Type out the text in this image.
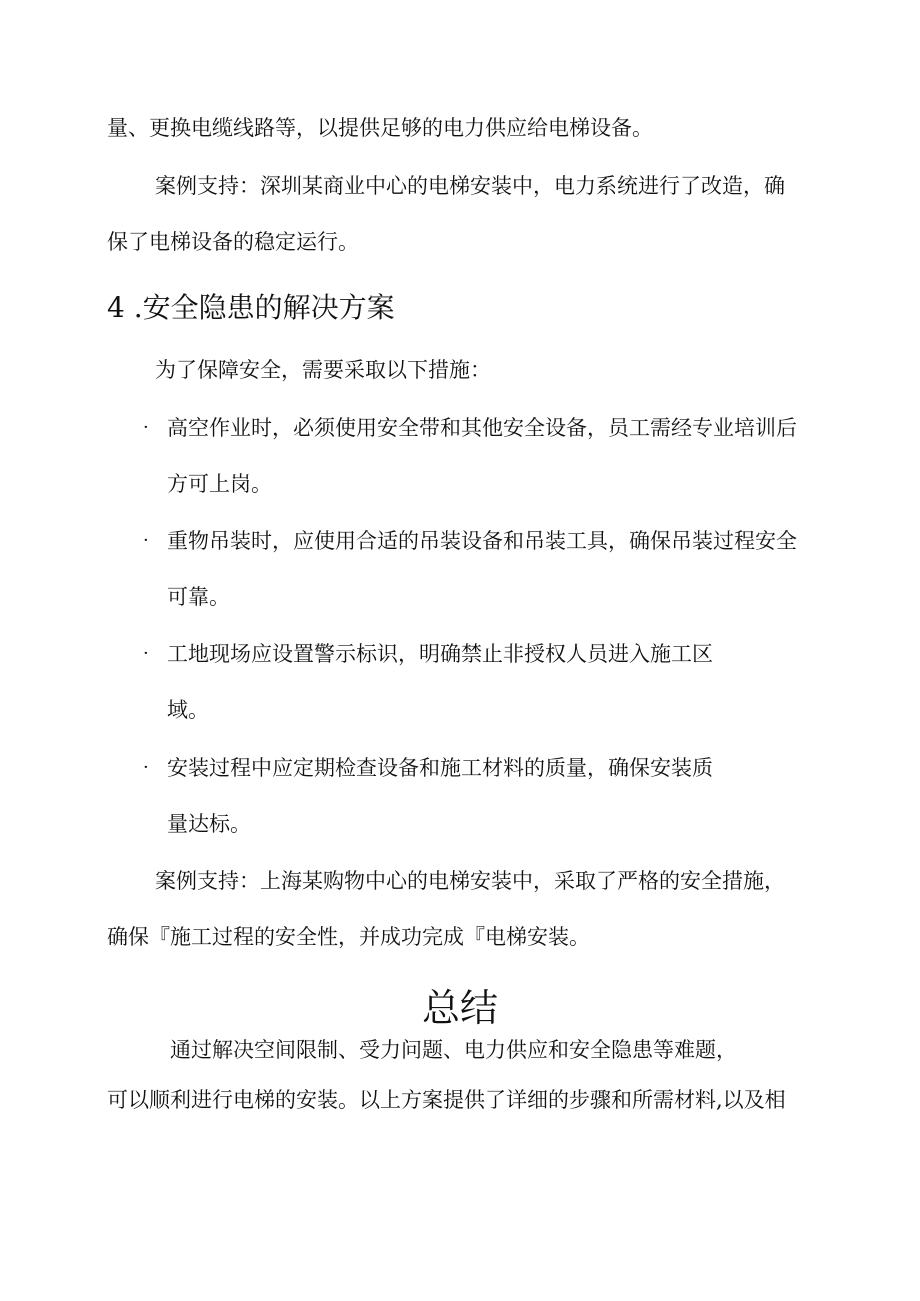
量、更换电缆线路等，以提供足够的电力供应给电梯设备。
案例支持：深圳某商业中心的电梯安装中，电力系统进行了改造，确
保了电梯设备的稳定运行。
4 .安全隐患的解决方案
为了保障安全，需要采取以下措施：
· 高空作业时，必须使用安全带和其他安全设备，员工需经专业培训后
方可上岗。
· 重物吊装时，应使用合适的吊装设备和吊装工具，确保吊装过程安全
可靠。
· 工地现场应设置警示标识，明确禁止非授权人员进入施工区
域。
· 安装过程中应定期检查设备和施工材料的质量，确保安装质
量达标。
案例支持：上海某购物中心的电梯安装中，采取了严格的安全措施，
确保『施工过程的安全性，并成功完成『电梯安装。
总结
通过解决空间限制、受力问题、电力供应和安全隐患等难题，
可以顺利进行电梯的安装。以上方案提供了详细的步骤和所需材料,以及相
